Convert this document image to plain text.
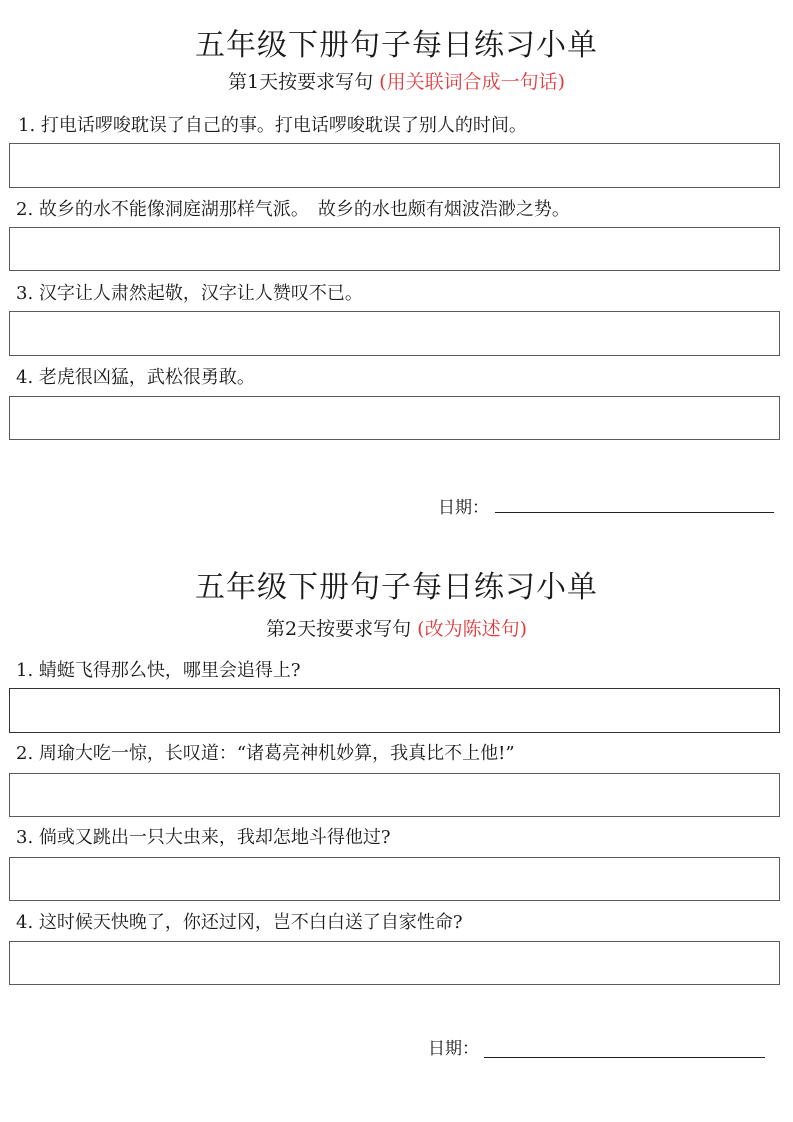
五年级下册句子每日练习小单
第1天按要求写句 (用关联词合成一句话)
1. 打电话啰唆耽误了自己的事。打电话啰唆耽误了别人的时间。
2. 故乡的水不能像洞庭湖那样气派。　故乡的水也颇有烟波浩渺之势。
3. 汉字让人肃然起敬，汉字让人赞叹不已。
4. 老虎很凶猛，武松很勇敢。
日期：
五年级下册句子每日练习小单
第2天按要求写句 (改为陈述句)
1. 蜻蜓飞得那么快，哪里会追得上?
2. 周瑜大吃一惊，长叹道：“诸葛亮神机妙算，我真比不上他!”
3. 倘或又跳出一只大虫来，我却怎地斗得他过?
4. 这时候天快晚了，你还过冈，岂不白白送了自家性命?
日期：
